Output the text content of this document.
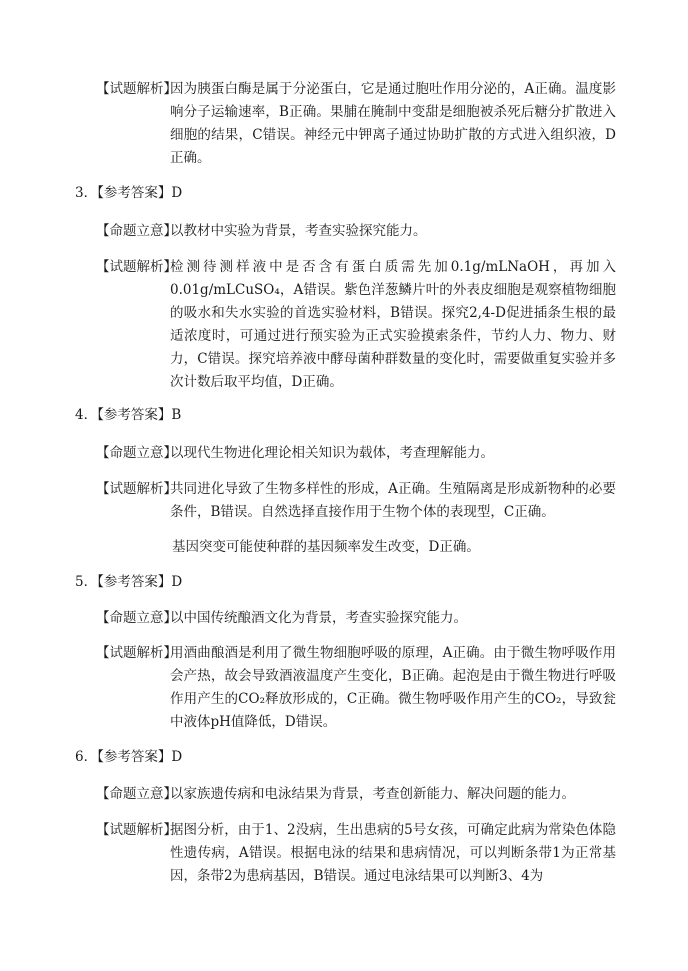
【试题解析】
因为胰蛋白酶是属于分泌蛋白，它是通过胞吐作用分泌的，A正确。温度影响分子运输速率，B正确。果脯在腌制中变甜是细胞被杀死后糖分扩散进入细胞的结果，C错误。神经元中钾离子通过协助扩散的方式进入组织液，D正确。
3．【参考答案】D
【命题立意】
以教材中实验为背景，考查实验探究能力。
【试题解析】
检测待测样液中是否含有蛋白质需先加0.1g/mLNaOH，再加入0.01g/mLCuSO₄，A错误。紫色洋葱鳞片叶的外表皮细胞是观察植物细胞的吸水和失水实验的首选实验材料，B错误。探究2,4-D促进插条生根的最适浓度时，可通过进行预实验为正式实验摸索条件，节约人力、物力、财力，C错误。探究培养液中酵母菌种群数量的变化时，需要做重复实验并多次计数后取平均值，D正确。
4．【参考答案】B
【命题立意】
以现代生物进化理论相关知识为载体，考查理解能力。
【试题解析】
共同进化导致了生物多样性的形成，A正确。生殖隔离是形成新物种的必要条件，B错误。自然选择直接作用于生物个体的表现型，C正确。
基因突变可能使种群的基因频率发生改变，D正确。
5．【参考答案】D
【命题立意】
以中国传统酿酒文化为背景，考查实验探究能力。
【试题解析】
用酒曲酿酒是利用了微生物细胞呼吸的原理，A正确。由于微生物呼吸作用会产热，故会导致酒液温度产生变化，B正确。起泡是由于微生物进行呼吸作用产生的CO₂释放形成的，C正确。微生物呼吸作用产生的CO₂，导致瓮中液体pH值降低，D错误。
6．【参考答案】D
【命题立意】
以家族遗传病和电泳结果为背景，考查创新能力、解决问题的能力。
【试题解析】
据图分析，由于1、2没病，生出患病的5号女孩，可确定此病为常染色体隐性遗传病，A错误。根据电泳的结果和患病情况，可以判断条带1为正常基因，条带2为患病基因，B错误。通过电泳结果可以判断3、4为
